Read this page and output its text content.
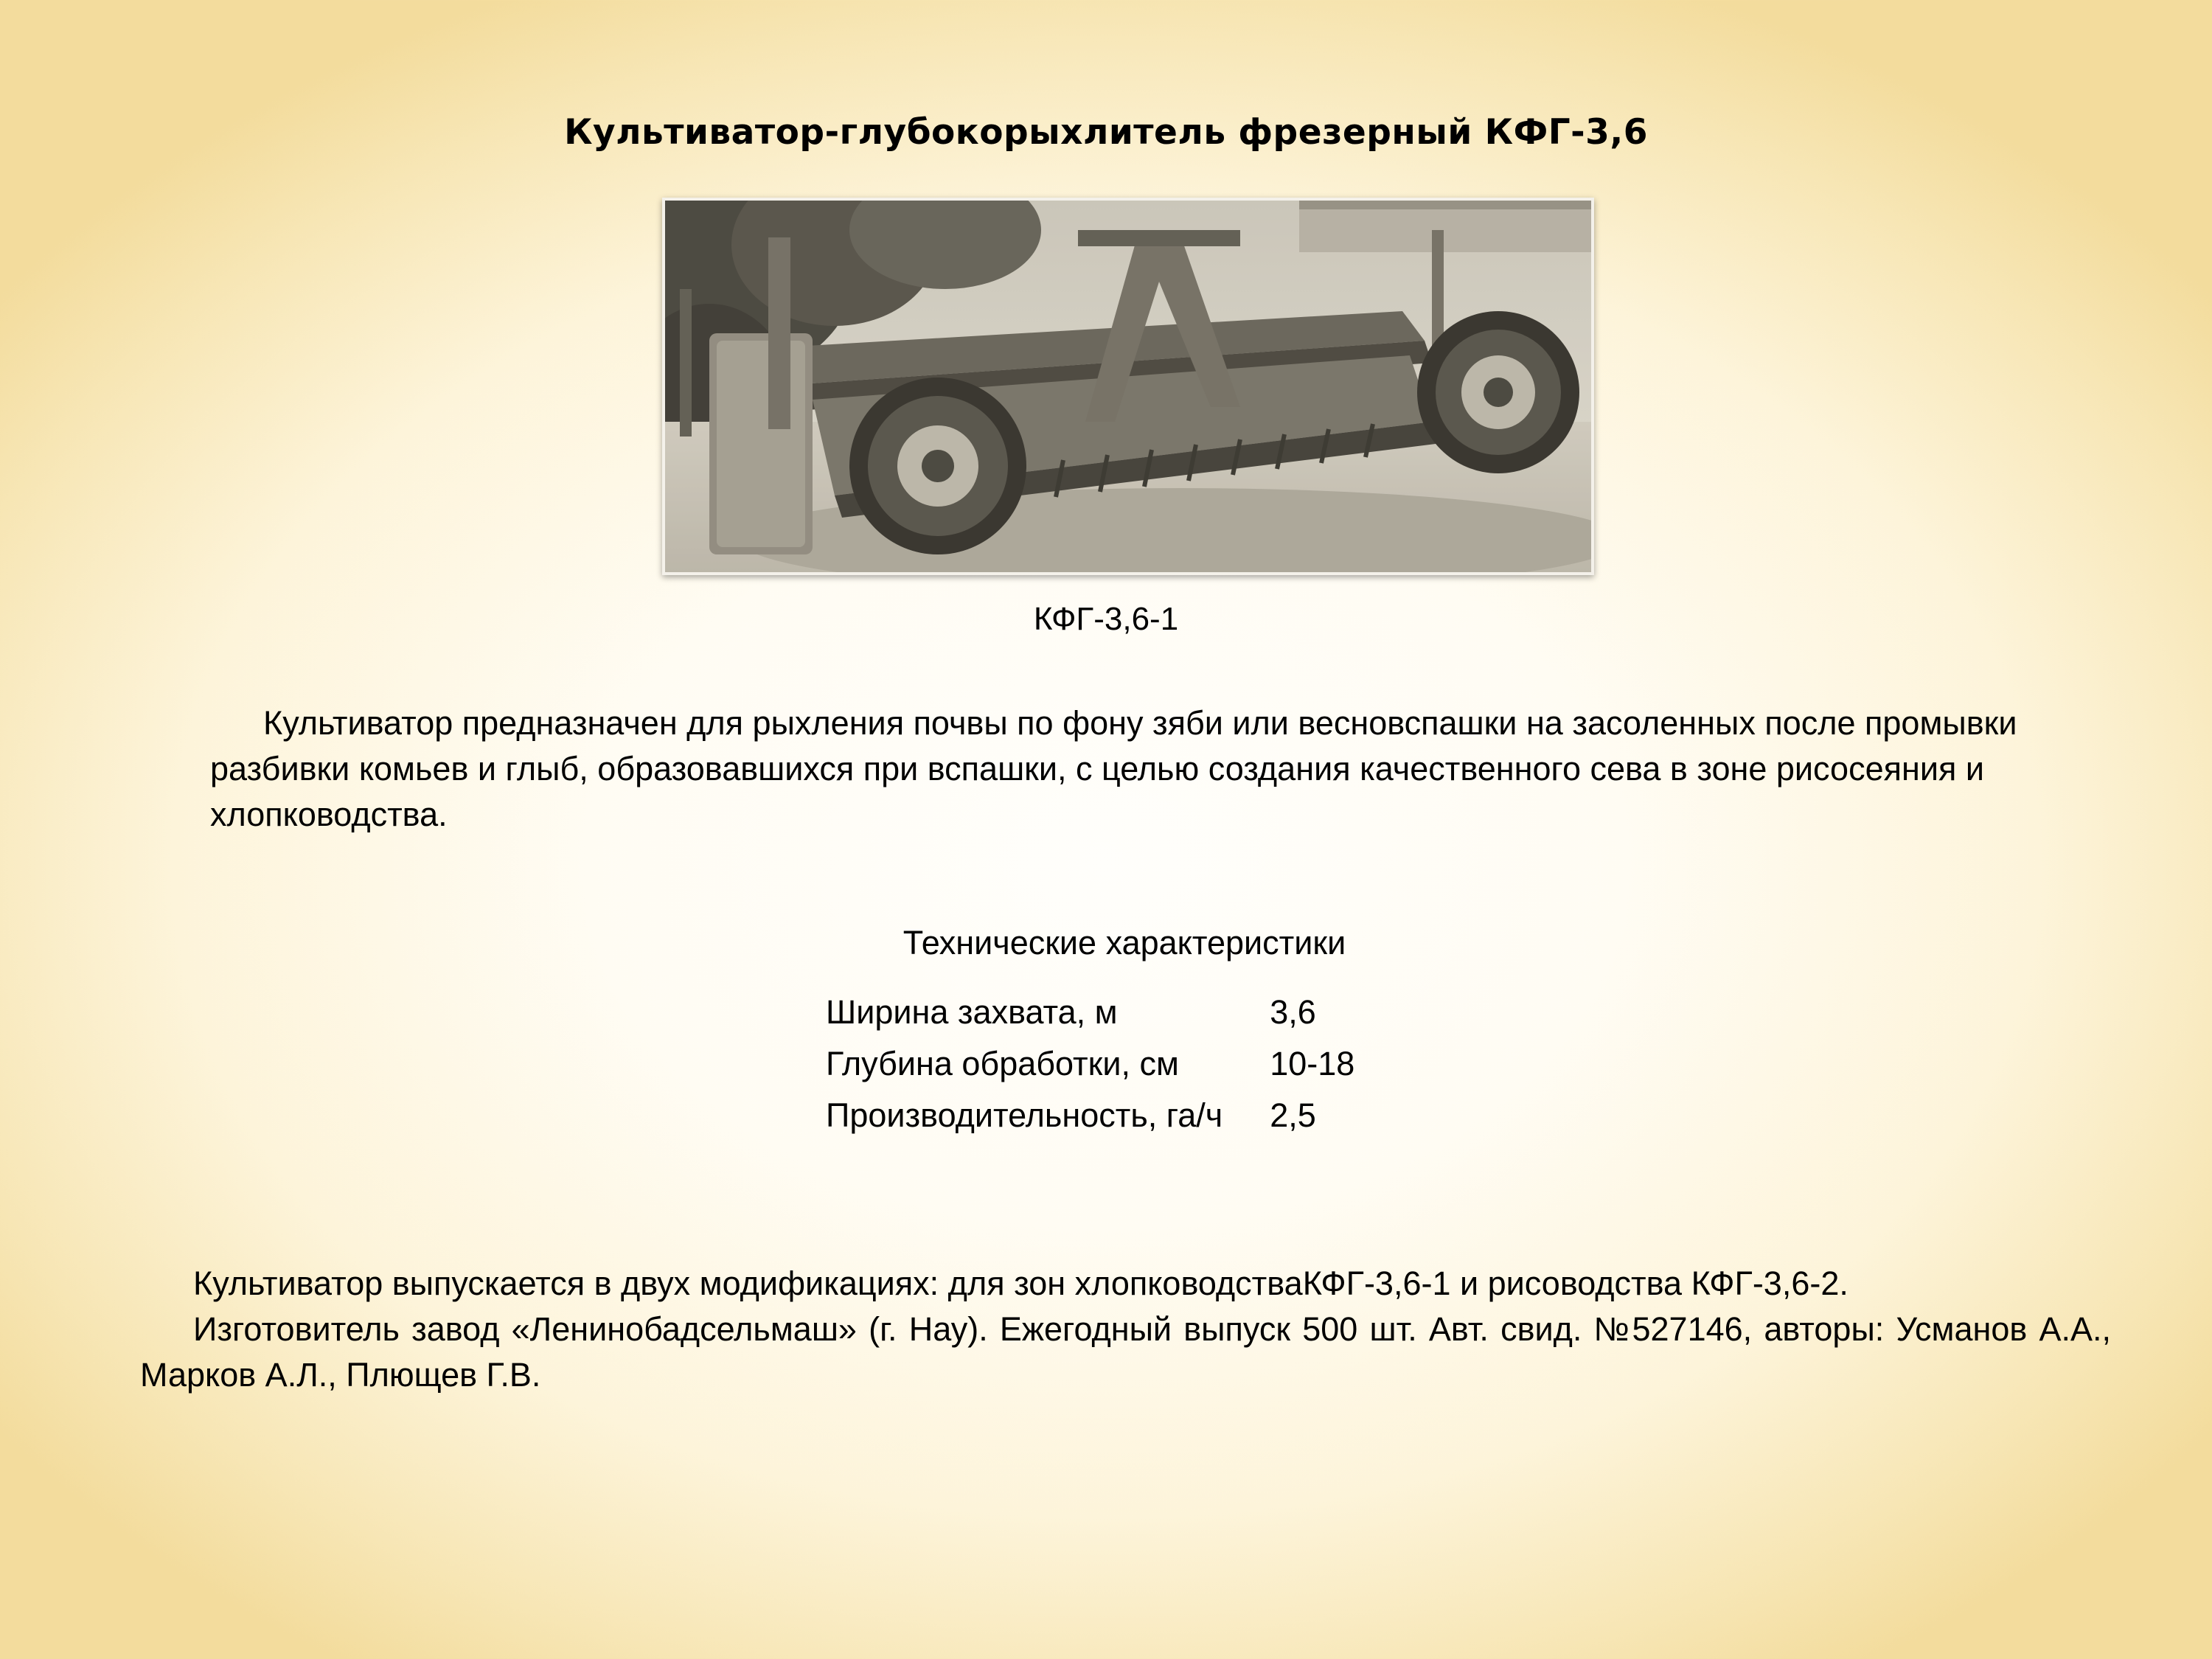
Культиватор-глубокорыхлитель фрезерный КФГ-3,6
КФГ-3,6-1
Культиватор предназначен для рыхления почвы по фону зяби или весновспашки на засоленных после промывки разбивки комьев и глыб, образовавшихся при вспашки, с целью создания качественного сева в зоне рисосеяния и хлопководства.
Технические характеристики
Ширина захвата, м	3,6
Глубина обработки, см	10-18
Производительность, га/ч	2,5

Культиватор выпускается в двух модификациях: для зон хлопководстваКФГ-3,6-1 и рисоводства КФГ-3,6-2.

Изготовитель завод «Ленинобадсельмаш» (г. Нау). Ежегодный выпуск 500 шт. Авт. свид. №527146, авторы: Усманов А.А., Марков А.Л., Плющев Г.В.
